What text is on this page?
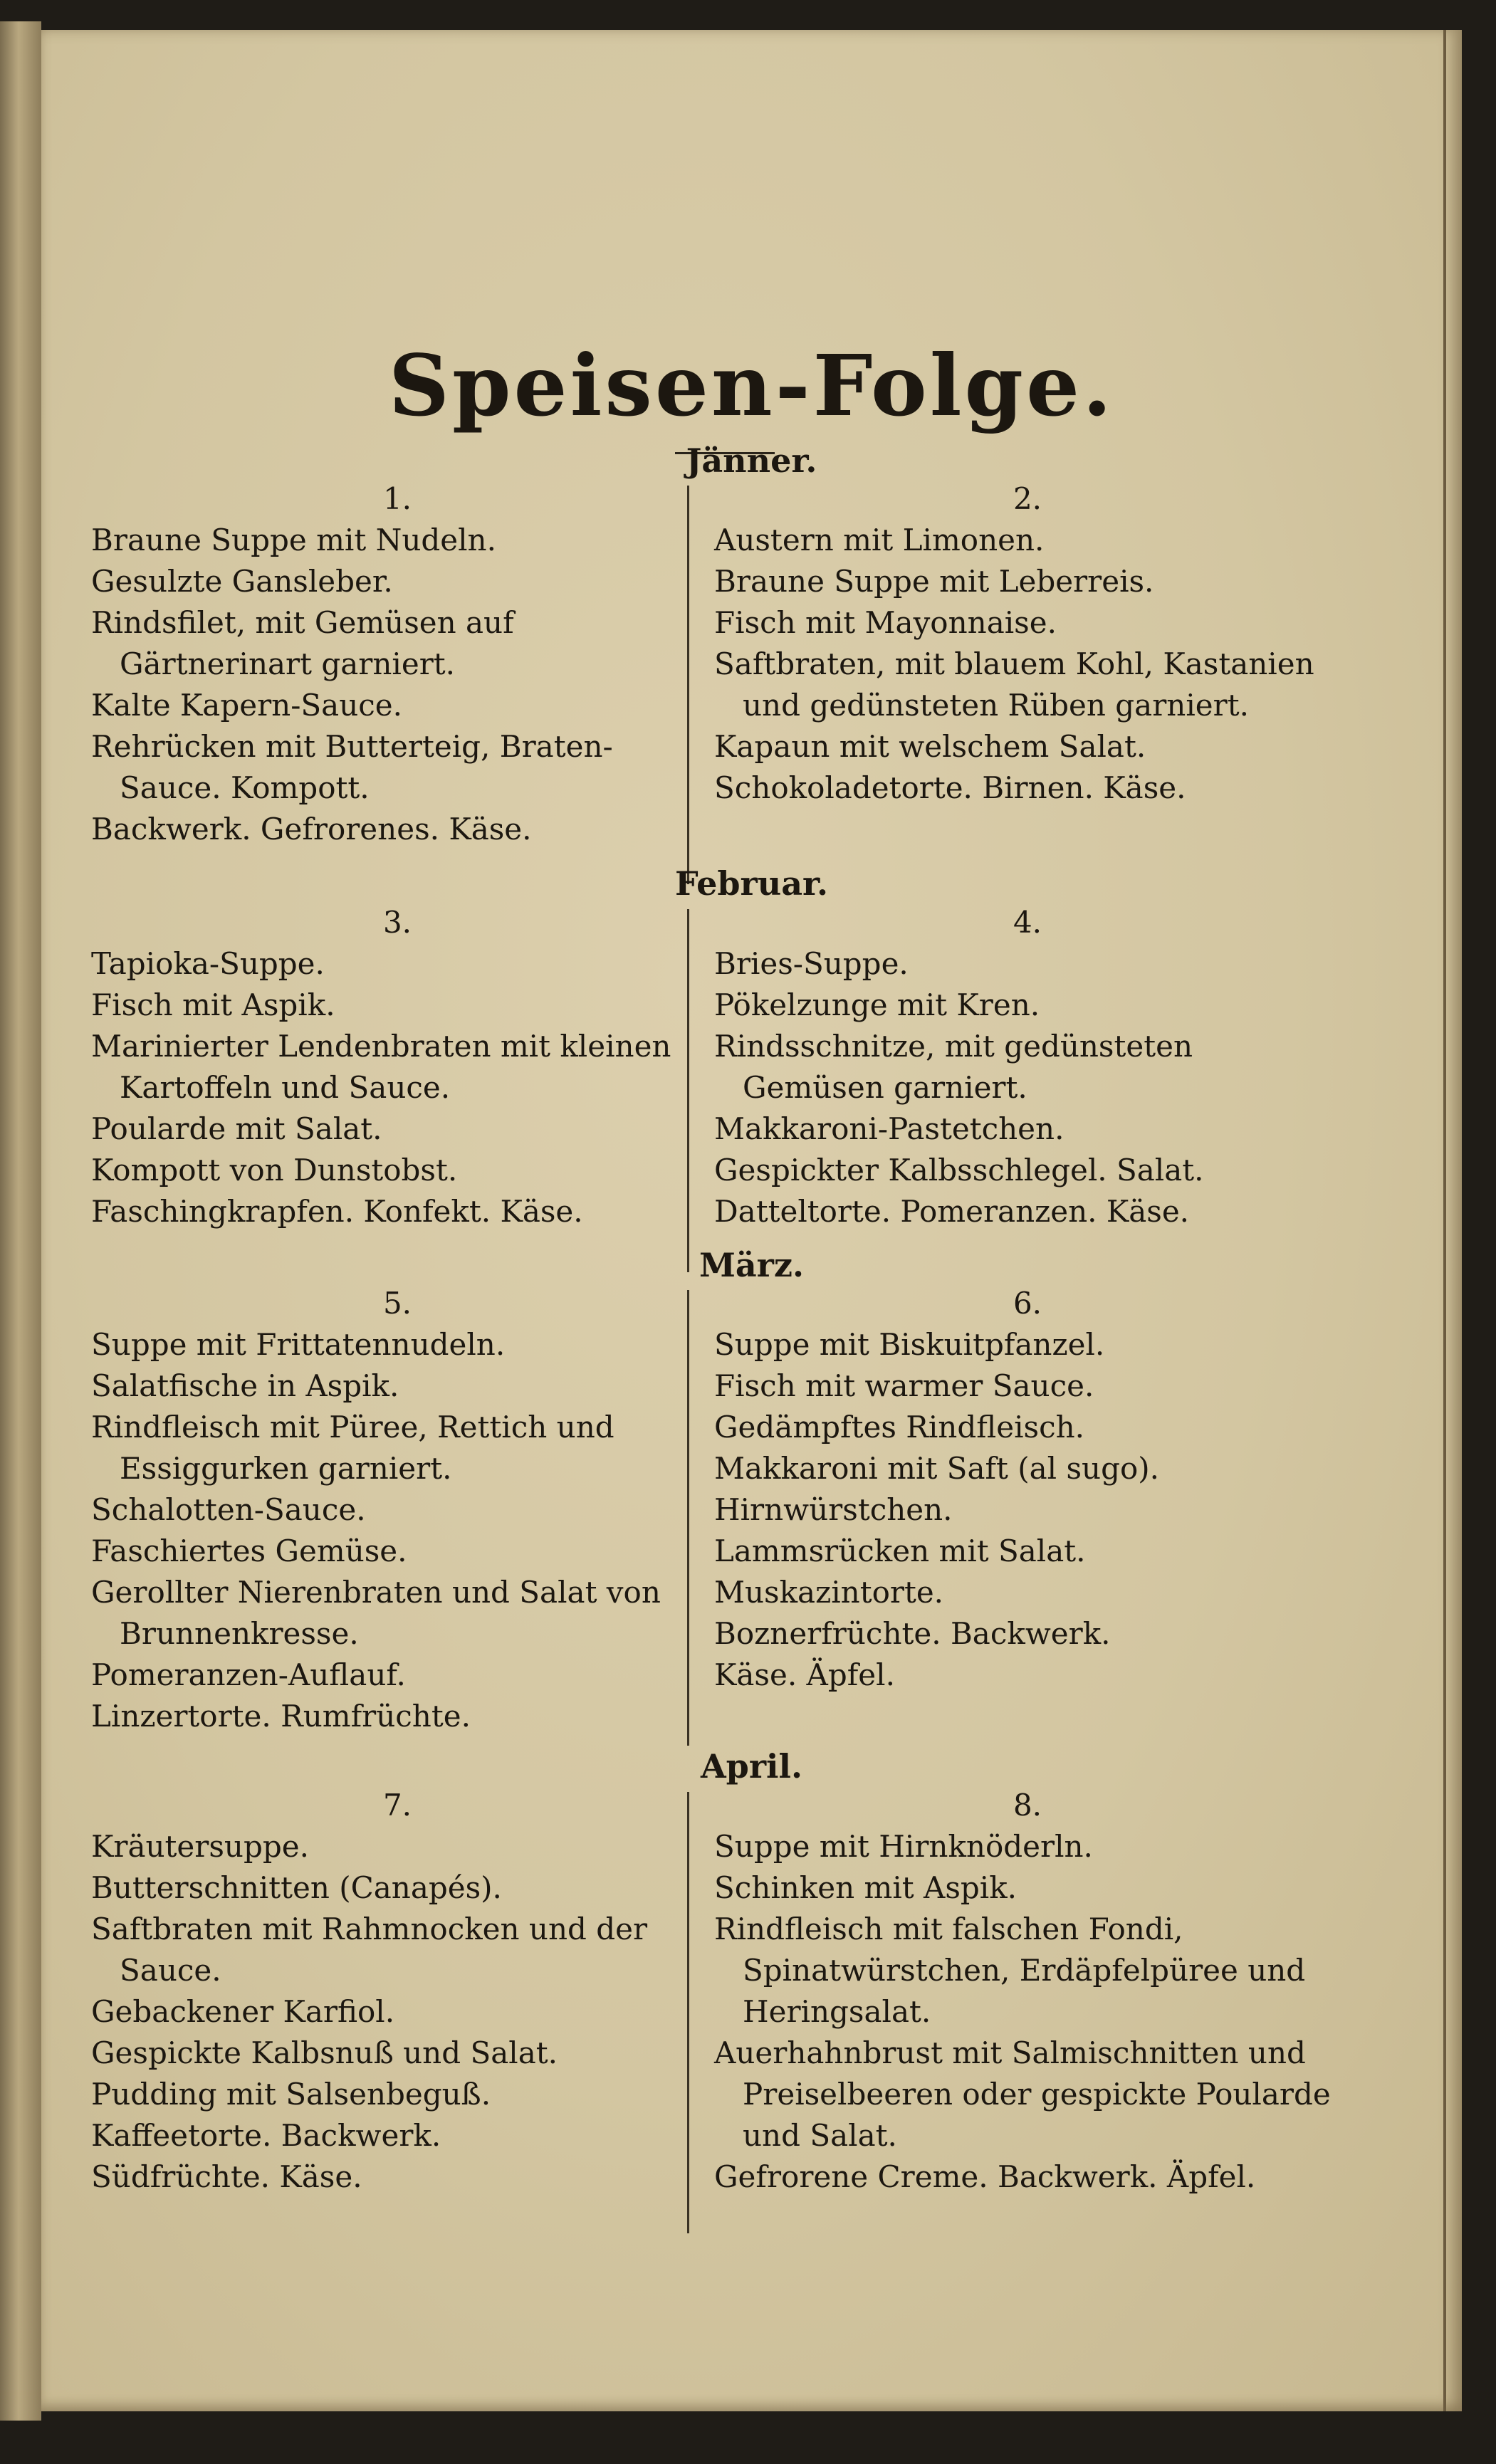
Speisen-Folge.
Jänner.

1.

Braune Suppe mit Nudeln.

Gesulzte Gansleber.

Rindsfilet, mit Gemüsen auf Gärtnerinart garniert.

Kalte Kapern-Sauce.

Rehrücken mit Butterteig, Braten-Sauce. Kompott.

Backwerk. Gefrorenes. Käse.

2.

Austern mit Limonen.

Braune Suppe mit Leberreis.

Fisch mit Mayonnaise.

Saftbraten, mit blauem Kohl, Kastanien und gedünsteten Rüben garniert.

Kapaun mit welschem Salat.

Schokoladetorte. Birnen. Käse.

Februar.

3.

Tapioka-Suppe.

Fisch mit Aspik.

Marinierter Lendenbraten mit kleinen Kartoffeln und Sauce.

Poularde mit Salat.

Kompott von Dunstobst.

Faschingkrapfen. Konfekt. Käse.

4.

Bries-Suppe.

Pökelzunge mit Kren.

Rindsschnitze, mit gedünsteten Gemüsen garniert.

Makkaroni-Pastetchen.

Gespickter Kalbsschlegel. Salat.

Datteltorte. Pomeranzen. Käse.

März.

5.

Suppe mit Frittatennudeln.

Salatfische in Aspik.

Rindfleisch mit Püree, Rettich und Essiggurken garniert.

Schalotten-Sauce.

Faschiertes Gemüse.

Gerollter Nierenbraten und Salat von Brunnenkresse.

Pomeranzen-Auflauf.

Linzertorte. Rumfrüchte.

6.

Suppe mit Biskuitpfanzel.

Fisch mit warmer Sauce.

Gedämpftes Rindfleisch.

Makkaroni mit Saft (al sugo).

Hirnwürstchen.

Lammsrücken mit Salat.

Muskazintorte.

Boznerfrüchte. Backwerk.

Käse. Äpfel.

April.

7.

Kräutersuppe.

Butterschnitten (Canapés).

Saftbraten mit Rahmnocken und der Sauce.

Gebackener Karfiol.

Gespickte Kalbsnuß und Salat.

Pudding mit Salsenbeguß.

Kaffeetorte. Backwerk.

Südfrüchte. Käse.

8.

Suppe mit Hirnknöderln.

Schinken mit Aspik.

Rindfleisch mit falschen Fondi, Spinatwürstchen, Erdäpfelpüree und Heringsalat.

Auerhahnbrust mit Salmischnitten und Preiselbeeren oder gespickte Poularde und Salat.

Gefrorene Creme. Backwerk. Äpfel.
